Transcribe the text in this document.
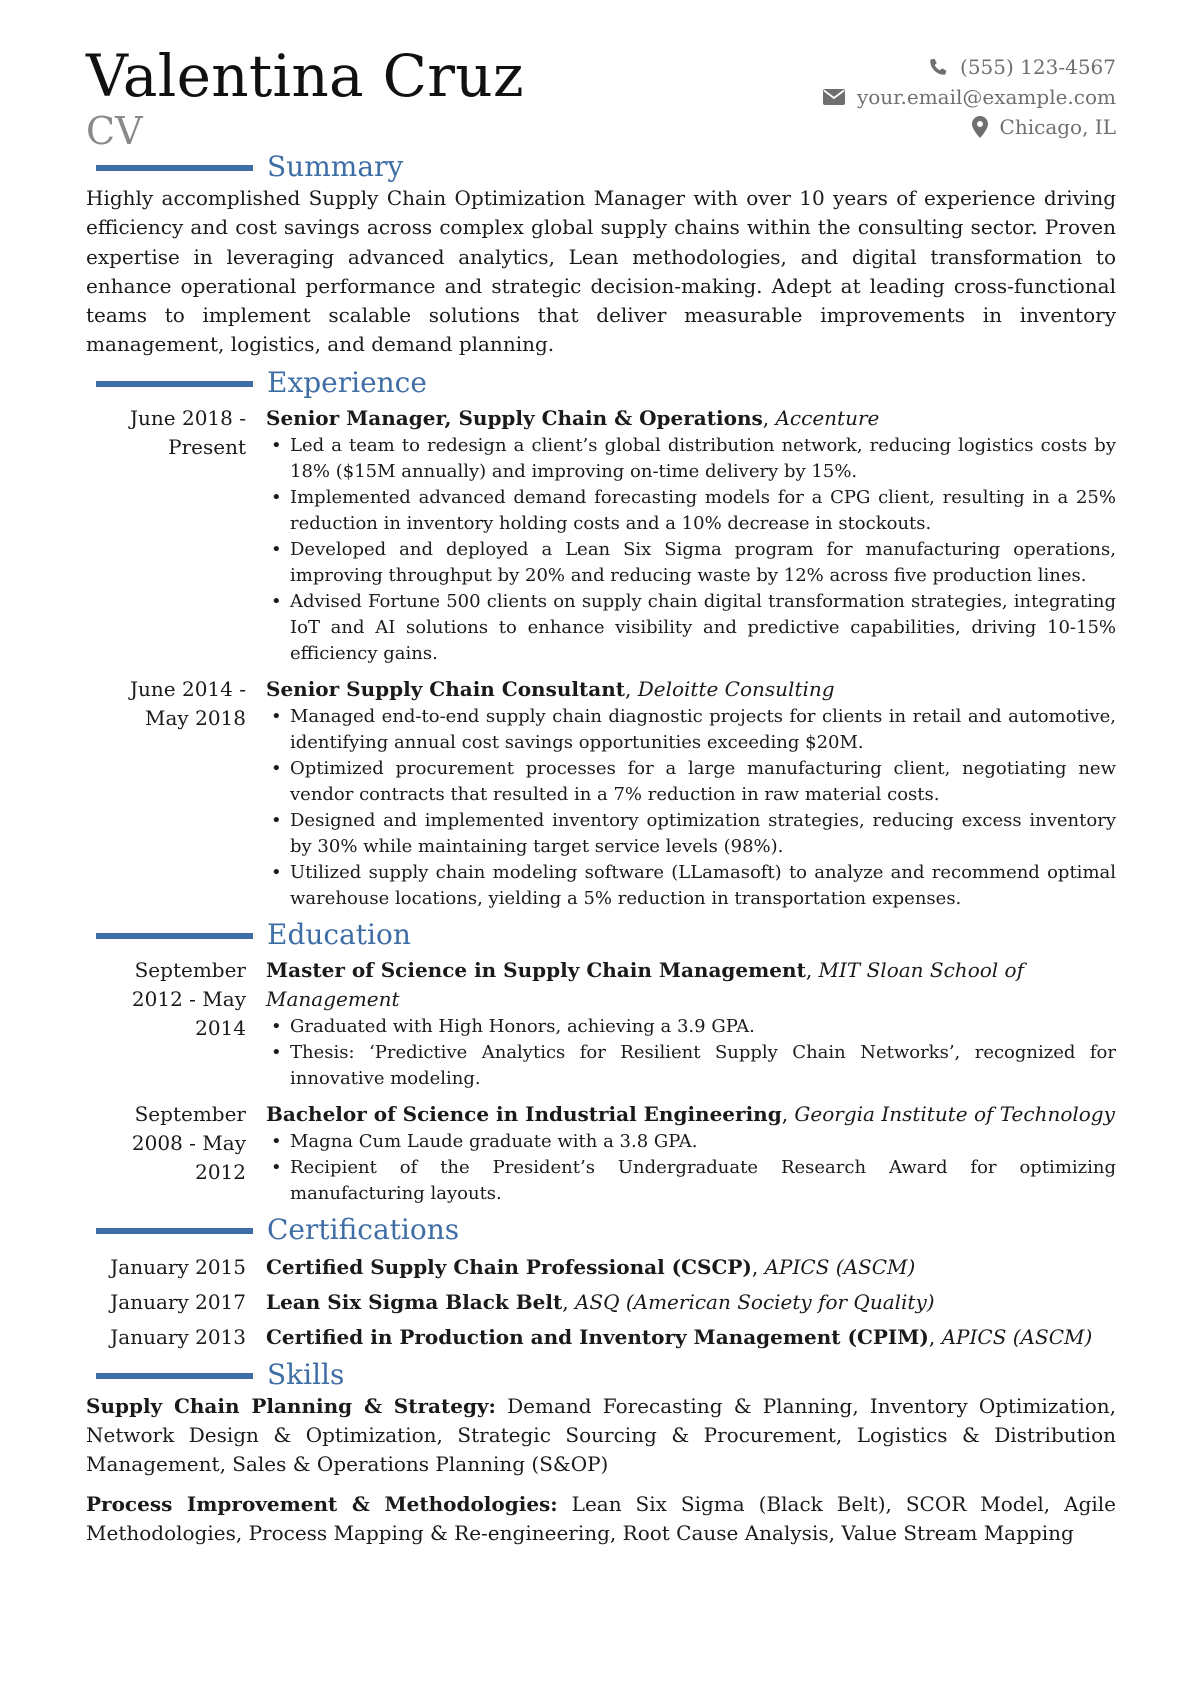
Valentina Cruz
CV
(555) 123-4567
your.email@example.com
Chicago, IL
Summary
Highly accomplished Supply Chain Optimization Manager with over 10 years of experience driving efficiency and cost savings across complex global supply chains within the consulting sector. Proven expertise in leveraging advanced analytics, Lean methodologies, and digital transformation to enhance operational performance and strategic decision-making. Adept at leading cross-functional teams to implement scalable solutions that deliver measurable improvements in inventory management, logistics, and demand planning.
Experience
June 2018 - Present
Senior Manager, Supply Chain & Operations, Accenture
• Led a team to redesign a client’s global distribution network, reducing logistics costs by 18% ($15M annually) and improving on-time delivery by 15%.
• Implemented advanced demand forecasting models for a CPG client, resulting in a 25% reduction in inventory holding costs and a 10% decrease in stockouts.
• Developed and deployed a Lean Six Sigma program for manufacturing operations, improving throughput by 20% and reducing waste by 12% across five production lines.
• Advised Fortune 500 clients on supply chain digital transformation strategies, integrating IoT and AI solutions to enhance visibility and predictive capabilities, driving 10-15% efficiency gains.
June 2014 - May 2018
Senior Supply Chain Consultant, Deloitte Consulting
• Managed end-to-end supply chain diagnostic projects for clients in retail and automotive, identifying annual cost savings opportunities exceeding $20M.
• Optimized procurement processes for a large manufacturing client, negotiating new vendor contracts that resulted in a 7% reduction in raw material costs.
• Designed and implemented inventory optimization strategies, reducing excess inventory by 30% while maintaining target service levels (98%).
• Utilized supply chain modeling software (LLamasoft) to analyze and recommend optimal warehouse locations, yielding a 5% reduction in transportation expenses.
Education
September 2012 - May 2014
Master of Science in Supply Chain Management, MIT Sloan School of Management
• Graduated with High Honors, achieving a 3.9 GPA.
• Thesis: ‘Predictive Analytics for Resilient Supply Chain Networks’, recognized for innovative modeling.
September 2008 - May 2012
Bachelor of Science in Industrial Engineering, Georgia Institute of Technology
• Magna Cum Laude graduate with a 3.8 GPA.
• Recipient of the President’s Undergraduate Research Award for optimizing manufacturing layouts.
Certifications
January 2015	Certified Supply Chain Professional (CSCP), APICS (ASCM)
January 2017	Lean Six Sigma Black Belt, ASQ (American Society for Quality)
January 2013	Certified in Production and Inventory Management (CPIM), APICS (ASCM)
Skills
Supply Chain Planning & Strategy: Demand Forecasting & Planning, Inventory Optimization, Network Design & Optimization, Strategic Sourcing & Procurement, Logistics & Distribution Management, Sales & Operations Planning (S&OP)
Process Improvement & Methodologies: Lean Six Sigma (Black Belt), SCOR Model, Agile Methodologies, Process Mapping & Re-engineering, Root Cause Analysis, Value Stream Mapping
